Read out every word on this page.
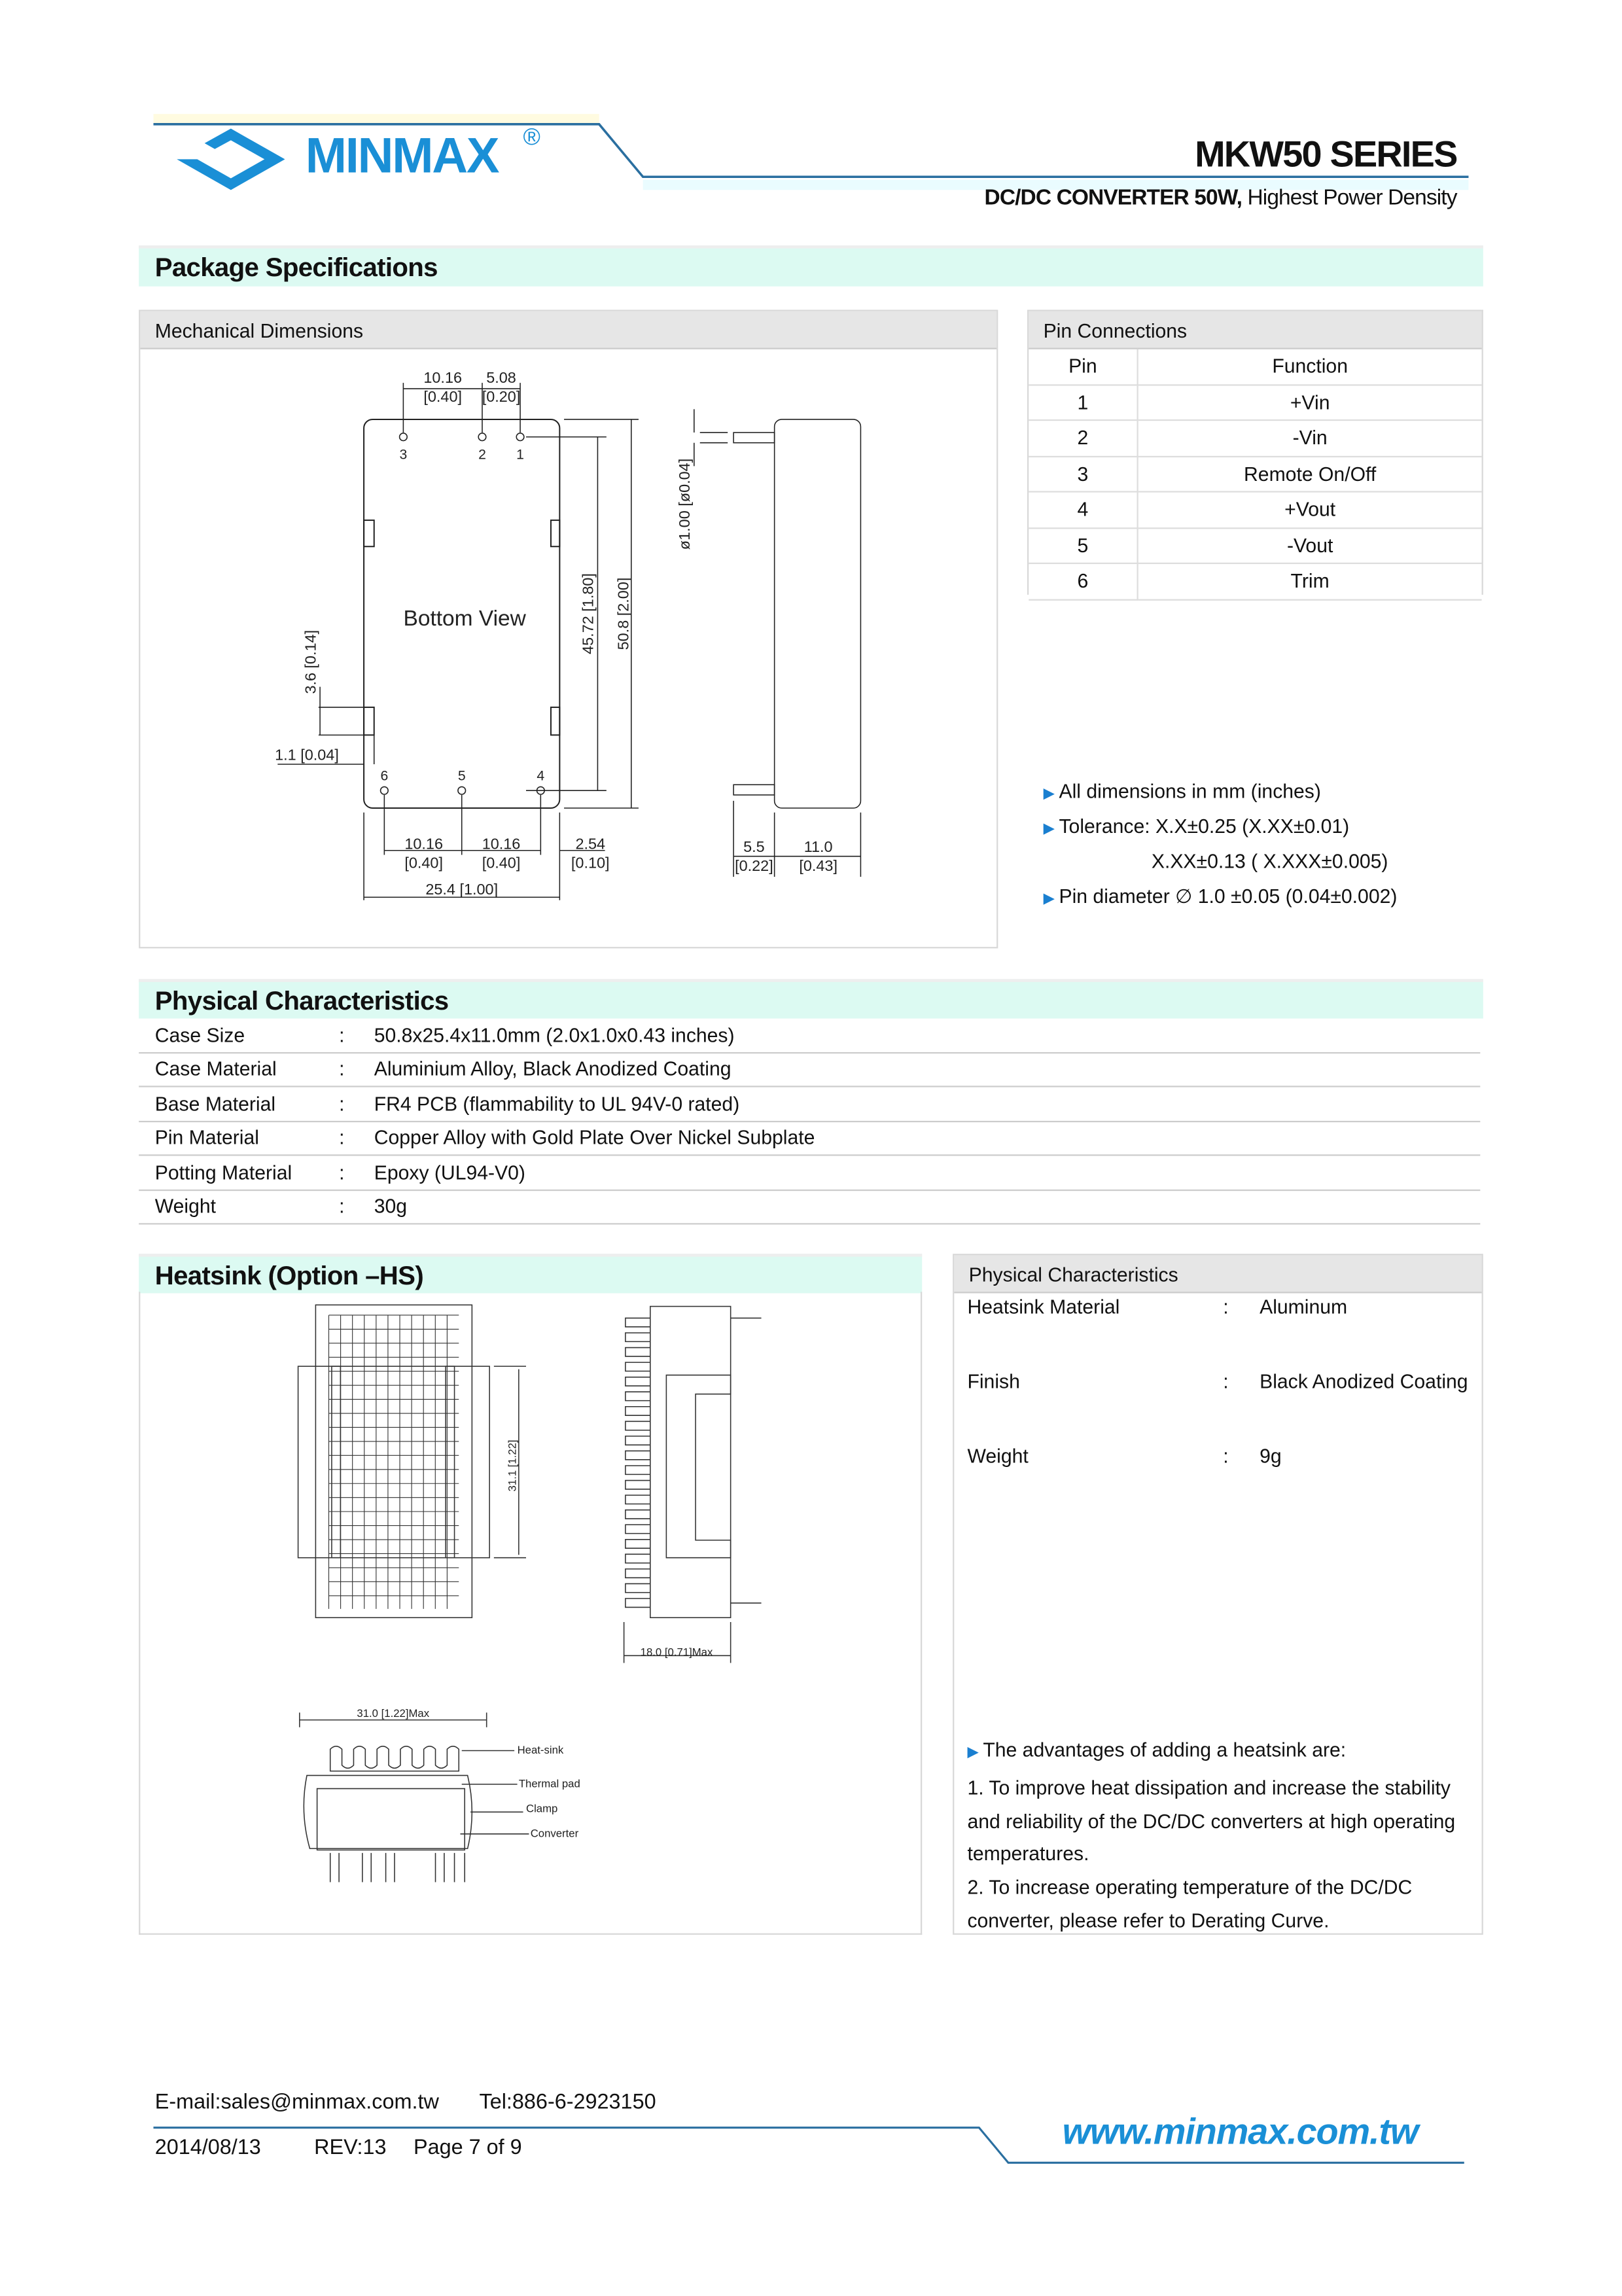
MINMAX ®	MKW50 SERIES
DC/DC CONVERTER 50W, Highest Power Density
Package Specifications
Mechanical Dimensions
3	2	1
6	5	4
Bottom View
10.16
[0.40]
5.08
[0.20]
45.72 [1.80]	50.8 [2.00]
ø1.00 [ø0.04]
3.6 [0.14]
1.1 [0.04]
10.16
[0.40]
10.16
[0.40]
2.54
[0.10]
25.4 [1.00]
5.5
[0.22]
11.0
[0.43]
Pin Connections
Pin	Function
1	+Vin
2	-Vin
3	Remote On/Off
4	+Vout
5	-Vout
6	Trim
▶ All dimensions in mm (inches)
▶ Tolerance: X.X±0.25 (X.XX±0.01)
X.XX±0.13 ( X.XXX±0.005)
▶ Pin diameter ∅ 1.0 ±0.05 (0.04±0.002)
Physical Characteristics
Case Size	:	50.8x25.4x11.0mm (2.0x1.0x0.43 inches)
Case Material	:	Aluminium Alloy, Black Anodized Coating
Base Material	:	FR4 PCB (flammability to UL 94V-0 rated)
Pin Material	:	Copper Alloy with Gold Plate Over Nickel Subplate
Potting Material	:	Epoxy (UL94-V0)
Weight	:	30g
Heatsink (Option –HS)
31.1 [1.22]
18.0 [0.71]Max
31.0 [1.22]Max
Heat-sink
Thermal pad
Clamp
Converter
Physical Characteristics
Heatsink Material	:	Aluminum
Finish	:	Black Anodized Coating
Weight	:	9g
▶ The advantages of adding a heatsink are:
1. To improve heat dissipation and increase the stability and reliability of the DC/DC converters at high operating temperatures.
2. To increase operating temperature of the DC/DC converter, please refer to Derating Curve.
E-mail:sales@minmax.com.tw	Tel:886-6-2923150
2014/08/13	REV:13	Page 7 of 9	www.minmax.com.tw
